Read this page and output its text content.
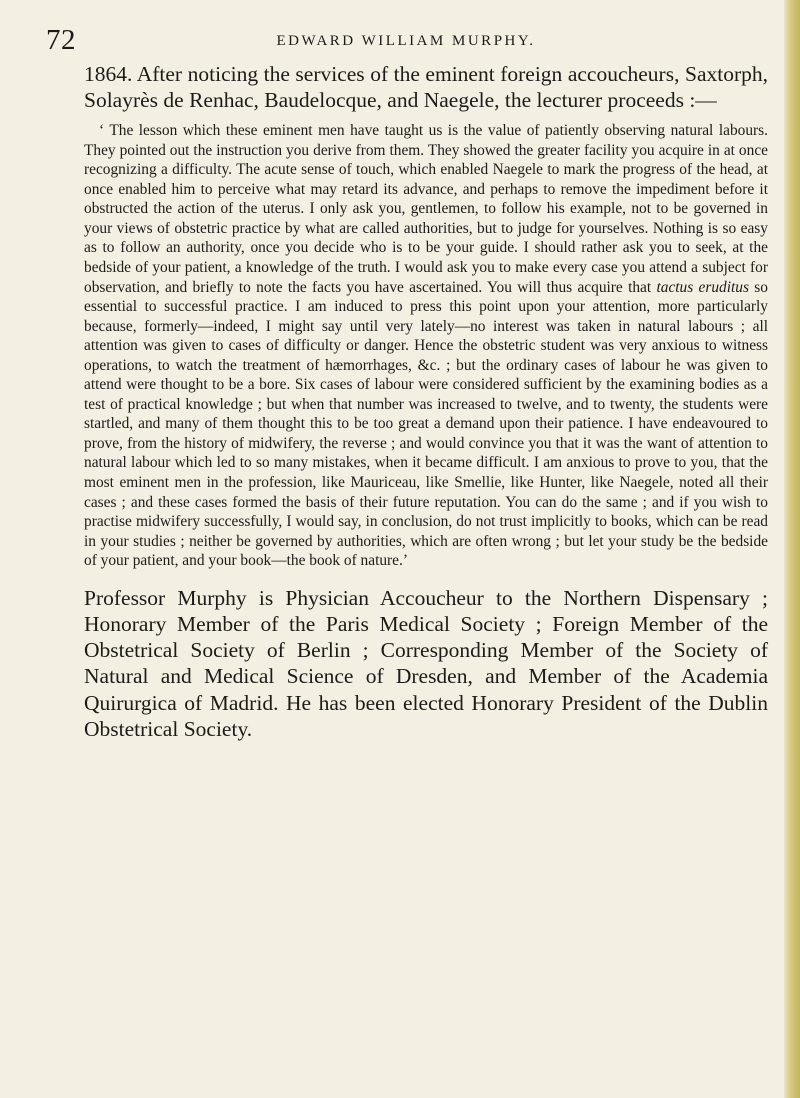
72	EDWARD WILLIAM MURPHY.

1864. After noticing the services of the eminent foreign accoucheurs, Saxtorph, Solayrès de Renhac, Baudelocque, and Naegele, the lecturer proceeds :—

‘ The lesson which these eminent men have taught us is the value of patiently observing natural labours. They pointed out the instruction you derive from them. They showed the greater facility you acquire in at once recognizing a difficulty. The acute sense of touch, which enabled Naegele to mark the progress of the head, at once enabled him to perceive what may retard its advance, and perhaps to remove the impediment before it obstructed the action of the uterus. I only ask you, gentlemen, to follow his example, not to be governed in your views of obstetric practice by what are called authorities, but to judge for yourselves. Nothing is so easy as to follow an authority, once you decide who is to be your guide. I should rather ask you to seek, at the bedside of your patient, a knowledge of the truth. I would ask you to make every case you attend a subject for observation, and briefly to note the facts you have ascertained. You will thus acquire that tactus eruditus so essential to successful practice. I am induced to press this point upon your attention, more particularly because, formerly—indeed, I might say until very lately—no interest was taken in natural labours ; all attention was given to cases of difficulty or danger. Hence the obstetric student was very anxious to witness operations, to watch the treatment of hæmorrhages, &c. ; but the ordinary cases of labour he was given to attend were thought to be a bore. Six cases of labour were considered sufficient by the examining bodies as a test of practical knowledge ; but when that number was increased to twelve, and to twenty, the students were startled, and many of them thought this to be too great a demand upon their patience. I have endeavoured to prove, from the history of midwifery, the reverse ; and would convince you that it was the want of attention to natural labour which led to so many mistakes, when it became difficult. I am anxious to prove to you, that the most eminent men in the profession, like Mauriceau, like Smellie, like Hunter, like Naegele, noted all their cases ; and these cases formed the basis of their future reputation. You can do the same ; and if you wish to practise midwifery successfully, I would say, in conclusion, do not trust implicitly to books, which can be read in your studies ; neither be governed by authorities, which are often wrong ; but let your study be the bedside of your patient, and your book—the book of nature.’

Professor Murphy is Physician Accoucheur to the Northern Dispensary ; Honorary Member of the Paris Medical Society ; Foreign Member of the Obstetrical Society of Berlin ; Corresponding Member of the Society of Natural and Medical Science of Dresden, and Member of the Academia Quirurgica of Madrid. He has been elected Honorary President of the Dublin Obstetrical Society.
